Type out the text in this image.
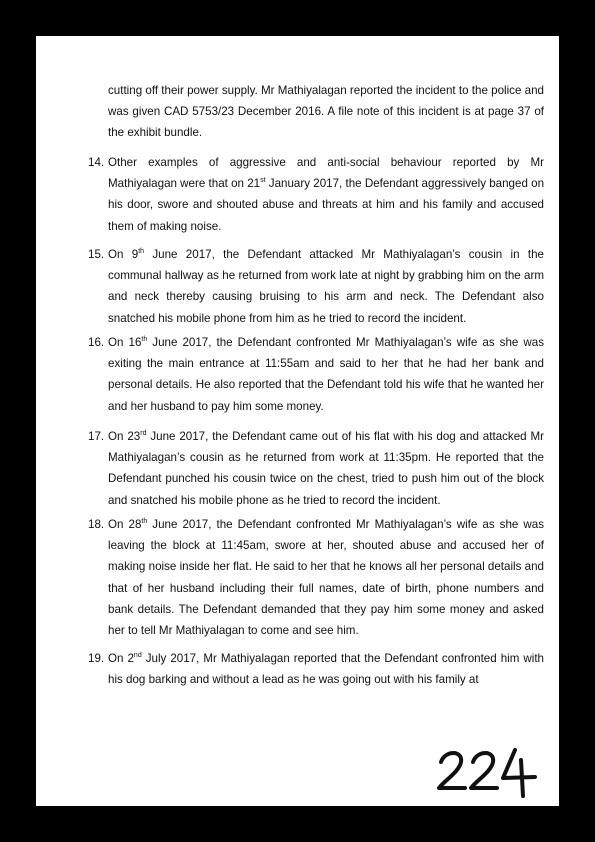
cutting off their power supply. Mr Mathiyalagan reported the incident to the police and was given CAD 5753/23 December 2016. A file note of this incident is at page 37 of the exhibit bundle.
14. Other examples of aggressive and anti-social behaviour reported by Mr Mathiyalagan were that on 21st January 2017, the Defendant aggressively banged on his door, swore and shouted abuse and threats at him and his family and accused them of making noise.
15. On 9th June 2017, the Defendant attacked Mr Mathiyalagan’s cousin in the communal hallway as he returned from work late at night by grabbing him on the arm and neck thereby causing bruising to his arm and neck. The Defendant also snatched his mobile phone from him as he tried to record the incident.
16. On 16th June 2017, the Defendant confronted Mr Mathiyalagan’s wife as she was exiting the main entrance at 11:55am and said to her that he had her bank and personal details. He also reported that the Defendant told his wife that he wanted her and her husband to pay him some money.
17. On 23rd June 2017, the Defendant came out of his flat with his dog and attacked Mr Mathiyalagan’s cousin as he returned from work at 11:35pm. He reported that the Defendant punched his cousin twice on the chest, tried to push him out of the block and snatched his mobile phone as he tried to record the incident.
18. On 28th June 2017, the Defendant confronted Mr Mathiyalagan’s wife as she was leaving the block at 11:45am, swore at her, shouted abuse and accused her of making noise inside her flat. He said to her that he knows all her personal details and that of her husband including their full names, date of birth, phone numbers and bank details. The Defendant demanded that they pay him some money and asked her to tell Mr Mathiyalagan to come and see him.
19. On 2nd July 2017, Mr Mathiyalagan reported that the Defendant confronted him with his dog barking and without a lead as he was going out with his family at
